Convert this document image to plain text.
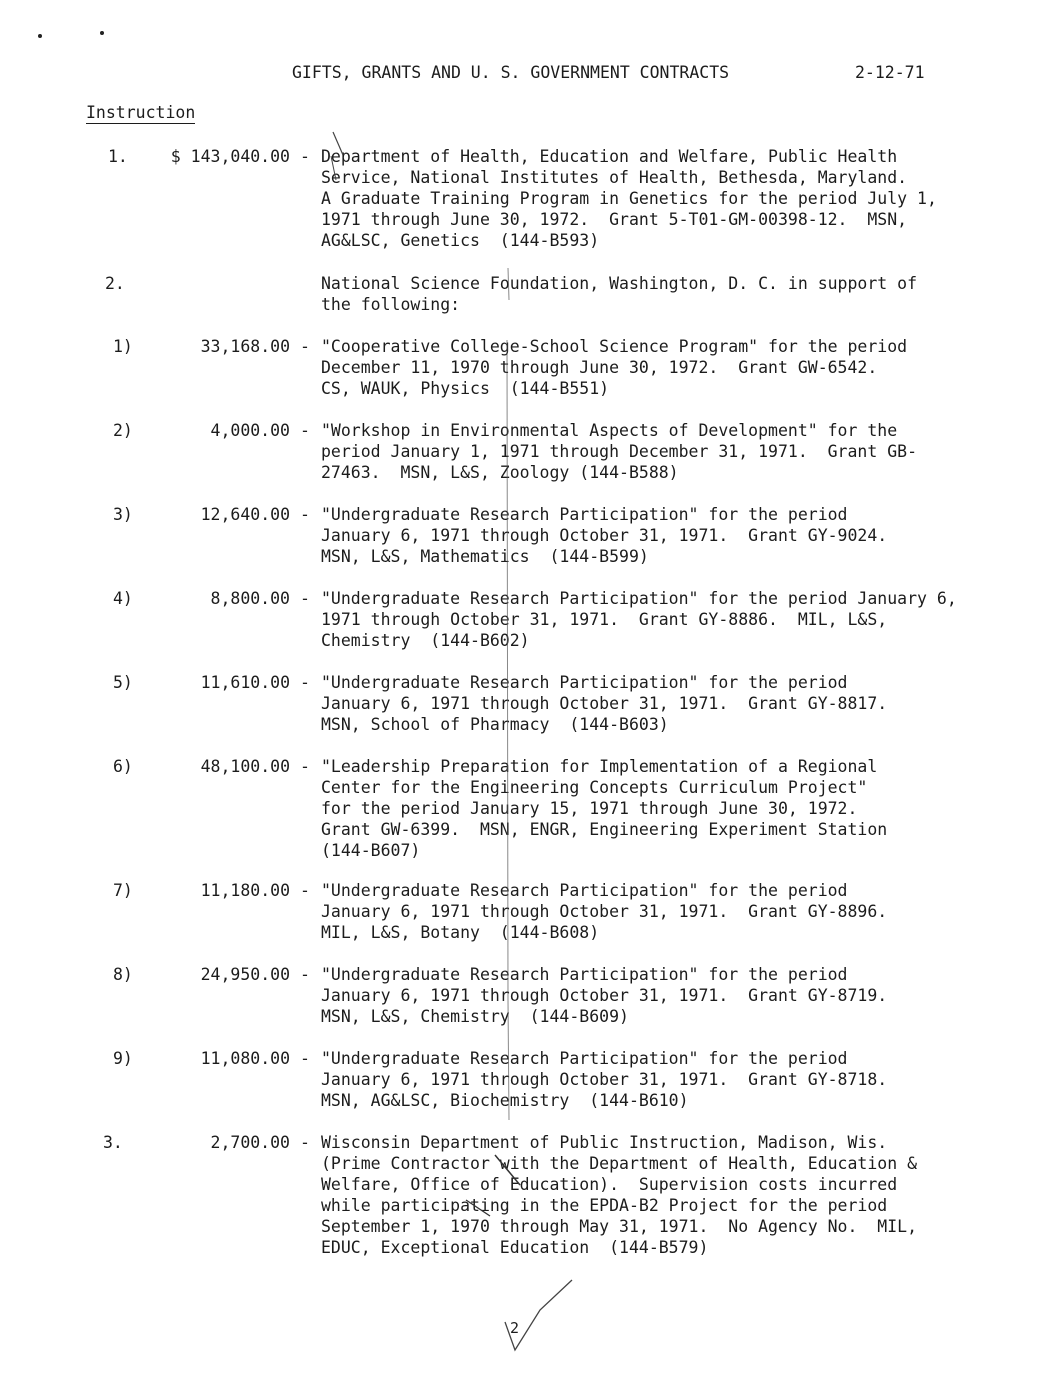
GIFTS, GRANTS AND U. S. GOVERNMENT CONTRACTS	2-12-71
Instruction
1.	$ 143,040.00 - Department of Health, Education and Welfare, Public Health
Service, National Institutes of Health, Bethesda, Maryland.
A Graduate Training Program in Genetics for the period July 1,
1971 through June 30, 1972.  Grant 5-T01-GM-00398-12.  MSN,
AG&LSC, Genetics  (144-B593)
2.	National Science Foundation, Washington, D. C. in support of
the following:
1)	33,168.00 - "Cooperative College-School Science Program" for the period
December 11, 1970 through June 30, 1972.  Grant GW-6542.
CS, WAUK, Physics  (144-B551)
2)	4,000.00 - "Workshop in Environmental Aspects of Development" for the
period January 1, 1971 through December 31, 1971.  Grant GB-
27463.  MSN, L&S, Zoology (144-B588)
3)	12,640.00 - "Undergraduate Research Participation" for the period
January 6, 1971 through October 31, 1971.  Grant GY-9024.
MSN, L&S, Mathematics  (144-B599)
4)	8,800.00 - "Undergraduate Research Participation" for the period January 6,
1971 through October 31, 1971.  Grant GY-8886.  MIL, L&S,
Chemistry  (144-B602)
5)	11,610.00 - "Undergraduate Research Participation" for the period
January 6, 1971 through October 31, 1971.  Grant GY-8817.
MSN, School of Pharmacy  (144-B603)
6)	48,100.00 - "Leadership Preparation for Implementation of a Regional
Center for the Engineering Concepts Curriculum Project"
for the period January 15, 1971 through June 30, 1972.
Grant GW-6399.  MSN, ENGR, Engineering Experiment Station
(144-B607)
7)	11,180.00 - "Undergraduate Research Participation" for the period
January 6, 1971 through October 31, 1971.  Grant GY-8896.
MIL, L&S, Botany  (144-B608)
8)	24,950.00 - "Undergraduate Research Participation" for the period
January 6, 1971 through October 31, 1971.  Grant GY-8719.
MSN, L&S, Chemistry  (144-B609)
9)	11,080.00 - "Undergraduate Research Participation" for the period
January 6, 1971 through October 31, 1971.  Grant GY-8718.
MSN, AG&LSC, Biochemistry  (144-B610)
3.	2,700.00 - Wisconsin Department of Public Instruction, Madison, Wis.
(Prime Contractor with the Department of Health, Education &
Welfare, Office of Education).  Supervision costs incurred
while participating in the EPDA-B2 Project for the period
September 1, 1970 through May 31, 1971.  No Agency No.  MIL,
EDUC, Exceptional Education  (144-B579)
2
